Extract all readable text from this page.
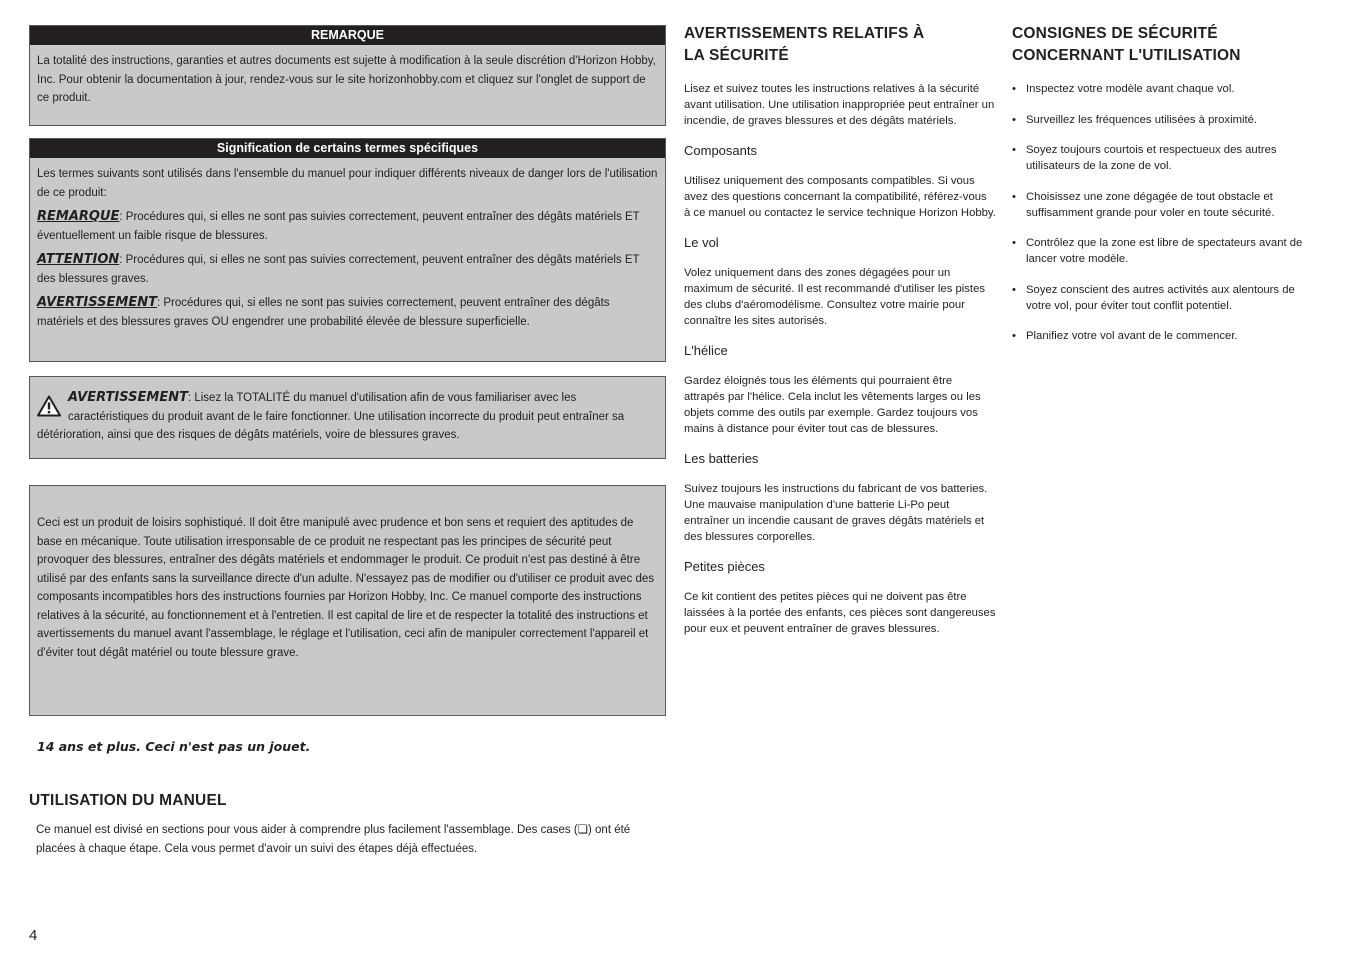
REMARQUE

La totalité des instructions, garanties et autres documents est sujette à modification à la seule discrétion d'Horizon Hobby, Inc. Pour obtenir la documentation à jour, rendez-vous sur le site horizonhobby.com et cliquez sur l'onglet de support de ce produit.

Signification de certains termes spécifiques

Les termes suivants sont utilisés dans l'ensemble du manuel pour indiquer différents niveaux de danger lors de l'utilisation de ce produit:

REMARQUE: Procédures qui, si elles ne sont pas suivies correctement, peuvent entraîner des dégâts matériels ET éventuellement un faible risque de blessures.

ATTENTION: Procédures qui, si elles ne sont pas suivies correctement, peuvent entraîner des dégâts matériels ET des blessures graves.

AVERTISSEMENT: Procédures qui, si elles ne sont pas suivies correctement, peuvent entraîner des dégâts matériels et des blessures graves OU engendrer une probabilité élevée de blessure superficielle.

AVERTISSEMENT: Lisez la TOTALITÉ du manuel d'utilisation afin de vous familiariser avec les
caractéristiques du produit avant de le faire fonctionner. Une utilisation incorrecte du produit peut entraîner sa
détérioration, ainsi que des risques de dégâts matériels, voire de blessures graves.

Ceci est un produit de loisirs sophistiqué. Il doit être manipulé avec prudence et bon sens et requiert des aptitudes de base en mécanique. Toute utilisation irresponsable de ce produit ne respectant pas les principes de sécurité peut provoquer des blessures, entraîner des dégâts matériels et endommager le produit. Ce produit n'est pas destiné à être utilisé par des enfants sans la surveillance directe d'un adulte. N'essayez pas de modifier ou d'utiliser ce produit avec des composants incompatibles hors des instructions fournies par Horizon Hobby, Inc. Ce manuel comporte des instructions relatives à la sécurité, au fonctionnement et à l'entretien. Il est capital de lire et de respecter la totalité des instructions et avertissements du manuel avant l'assemblage, le réglage et l'utilisation, ceci afin de manipuler correctement l'appareil et d'éviter tout dégât matériel ou toute blessure grave.

14 ans et plus. Ceci n'est pas un jouet.
UTILISATION DU MANUEL
Ce manuel est divisé en sections pour vous aider à comprendre plus facilement l'assemblage. Des cases (❏) ont été placées à chaque étape. Cela vous permet d'avoir un suivi des étapes déjà effectuées.
4
AVERTISSEMENTS RELATIFS À LA SÉCURITÉ

Lisez et suivez toutes les instructions relatives à la sécurité avant utilisation. Une utilisation inappropriée peut entraîner un incendie, de graves blessures et des dégâts matériels.

Composants

Utilisez uniquement des composants compatibles. Si vous avez des questions concernant la compatibilité, référez-vous à ce manuel ou contactez le service technique Horizon Hobby.

Le vol

Volez uniquement dans des zones dégagées pour un maximum de sécurité. Il est recommandé d'utiliser les pistes des clubs d'aéromodélisme. Consultez votre mairie pour connaître les sites autorisés.

L'hélice

Gardez éloignés tous les éléments qui pourraient être attrapés par l'hélice. Cela inclut les vêtements larges ou les objets comme des outils par exemple. Gardez toujours vos mains à distance pour éviter tout cas de blessures.

Les batteries

Suivez toujours les instructions du fabricant de vos batteries. Une mauvaise manipulation d'une batterie Li-Po peut entraîner un incendie causant de graves dégâts matériels et des blessures corporelles.

Petites pièces

Ce kit contient des petites pièces qui ne doivent pas être laissées à la portée des enfants, ces pièces sont dangereuses pour eux et peuvent entraîner de graves blessures.

CONSIGNES DE SÉCURITÉ CONCERNANT L'UTILISATION
• Inspectez votre modèle avant chaque vol.
• Surveillez les fréquences utilisées à proximité.
• Soyez toujours courtois et respectueux des autres utilisateurs de la zone de vol.
• Choisissez une zone dégagée de tout obstacle et suffisamment grande pour voler en toute sécurité.
• Contrôlez que la zone est libre de spectateurs avant de lancer votre modèle.
• Soyez conscient des autres activités aux alentours de votre vol, pour éviter tout conflit potentiel.
• Planifiez votre vol avant de le commencer.
